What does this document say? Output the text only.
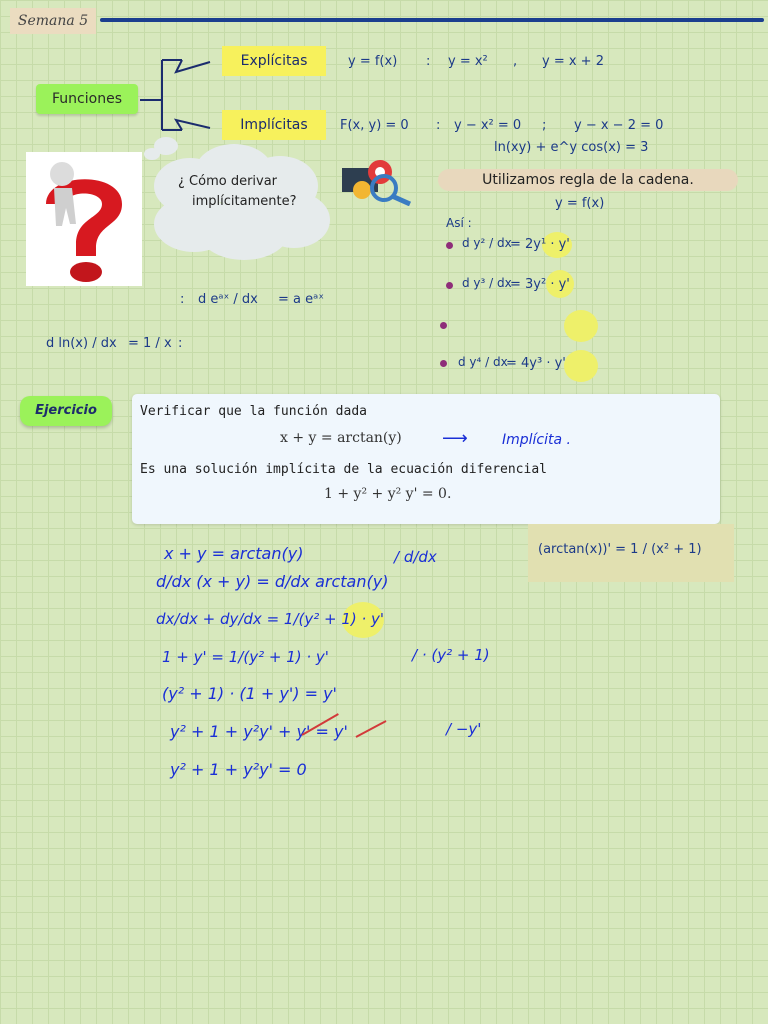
Semana 5
Funciones
Explícitas
Implícitas
y = f(x) : y = x² , y = x + 2
F(x, y) = 0 : y − x² = 0 ; y − x − 2 = 0
ln(xy) + e^y cos(x) = 3
¿ Cómo derivar
implícitamente?
Utilizamos regla de la cadena.
y = f(x)
Así :
d y² / dx
= 2y¹ · y'
d y³ / dx
= 3y² · y'
d y⁴ / dx
= 4y³ · y'
: d eᵃˣ / dx = a eᵃˣ
d ln(x) / dx = 1 / x :
Ejercicio	Verificar que la función dada
x + y = arctan(y) ⟶ Implícita .
Es una solución implícita de la ecuación diferencial
1 + y² + y² y' = 0.
(arctan(x))' = 1 / (x² + 1)
x + y = arctan(y)	/ d/dx
d/dx (x + y) = d/dx arctan(y)
dx/dx + dy/dx = 1/(y² + 1) · y'
1 + y' = 1/(y² + 1) · y'	/ · (y² + 1)
(y² + 1) · (1 + y') = y'
y² + 1 + y²y' + y' = y'	/ −y'
y² + 1 + y²y' = 0
